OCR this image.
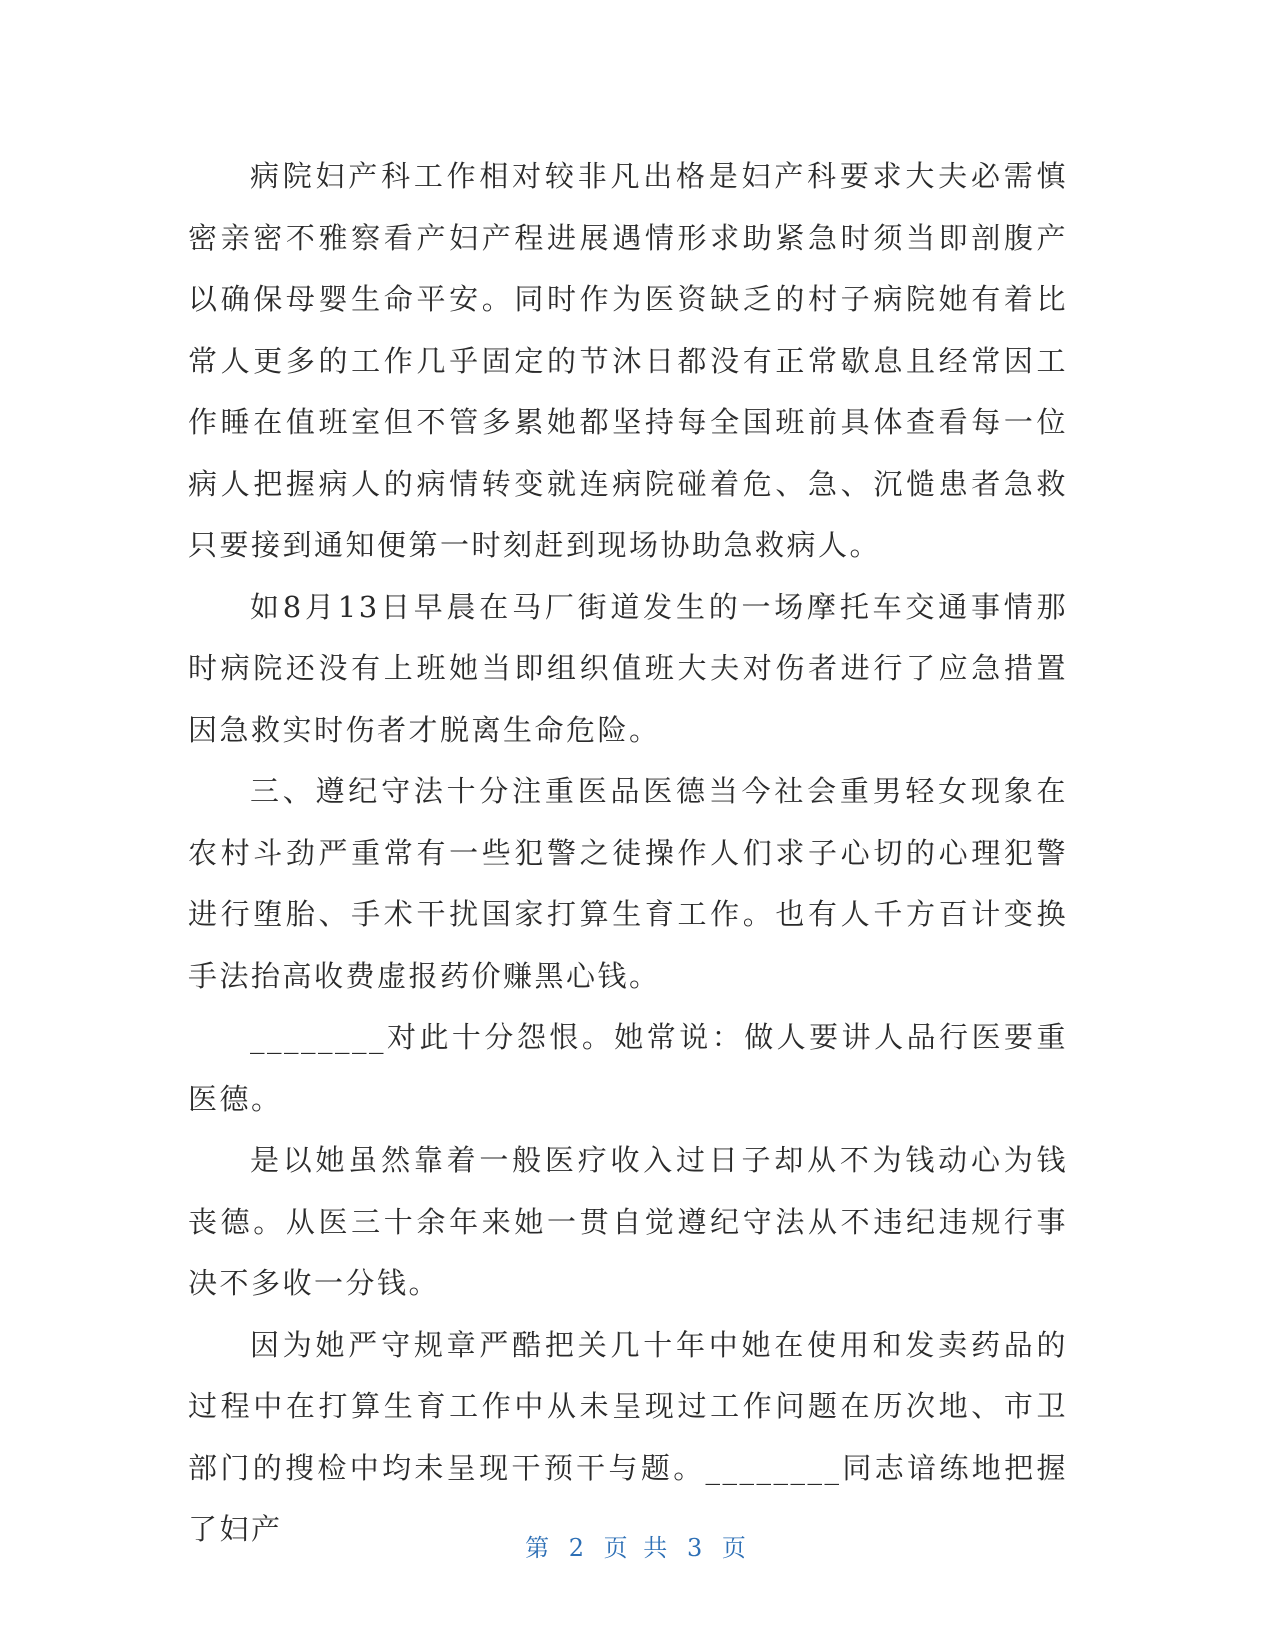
病院妇产科工作相对较非凡出格是妇产科要求大夫必需慎密亲密不雅察看产妇产程进展遇情形求助紧急时须当即剖腹产以确保母婴生命平安。同时作为医资缺乏的村子病院她有着比常人更多的工作几乎固定的节沐日都没有正常歇息且经常因工作睡在值班室但不管多累她都坚持每全国班前具体查看每一位病人把握病人的病情转变就连病院碰着危、急、沉慥患者急救只要接到通知便第一时刻赶到现场协助急救病人。

如8月13日早晨在马厂街道发生的一场摩托车交通事情那时病院还没有上班她当即组织值班大夫对伤者进行了应急措置因急救实时伤者才脱离生命危险。

三、遵纪守法十分注重医品医德当今社会重男轻女现象在农村斗劲严重常有一些犯警之徒操作人们求子心切的心理犯警进行堕胎、手术干扰国家打算生育工作。也有人千方百计变换手法抬高收费虚报药价赚黑心钱。

________对此十分怨恨。她常说：做人要讲人品行医要重医德。

是以她虽然靠着一般医疗收入过日子却从不为钱动心为钱丧德。从医三十余年来她一贯自觉遵纪守法从不违纪违规行事决不多收一分钱。

因为她严守规章严酷把关几十年中她在使用和发卖药品的过程中在打算生育工作中从未呈现过工作问题在历次地、市卫部门的搜检中均未呈现干预干与题。________同志谙练地把握了妇产

第 2 页 共 3 页
